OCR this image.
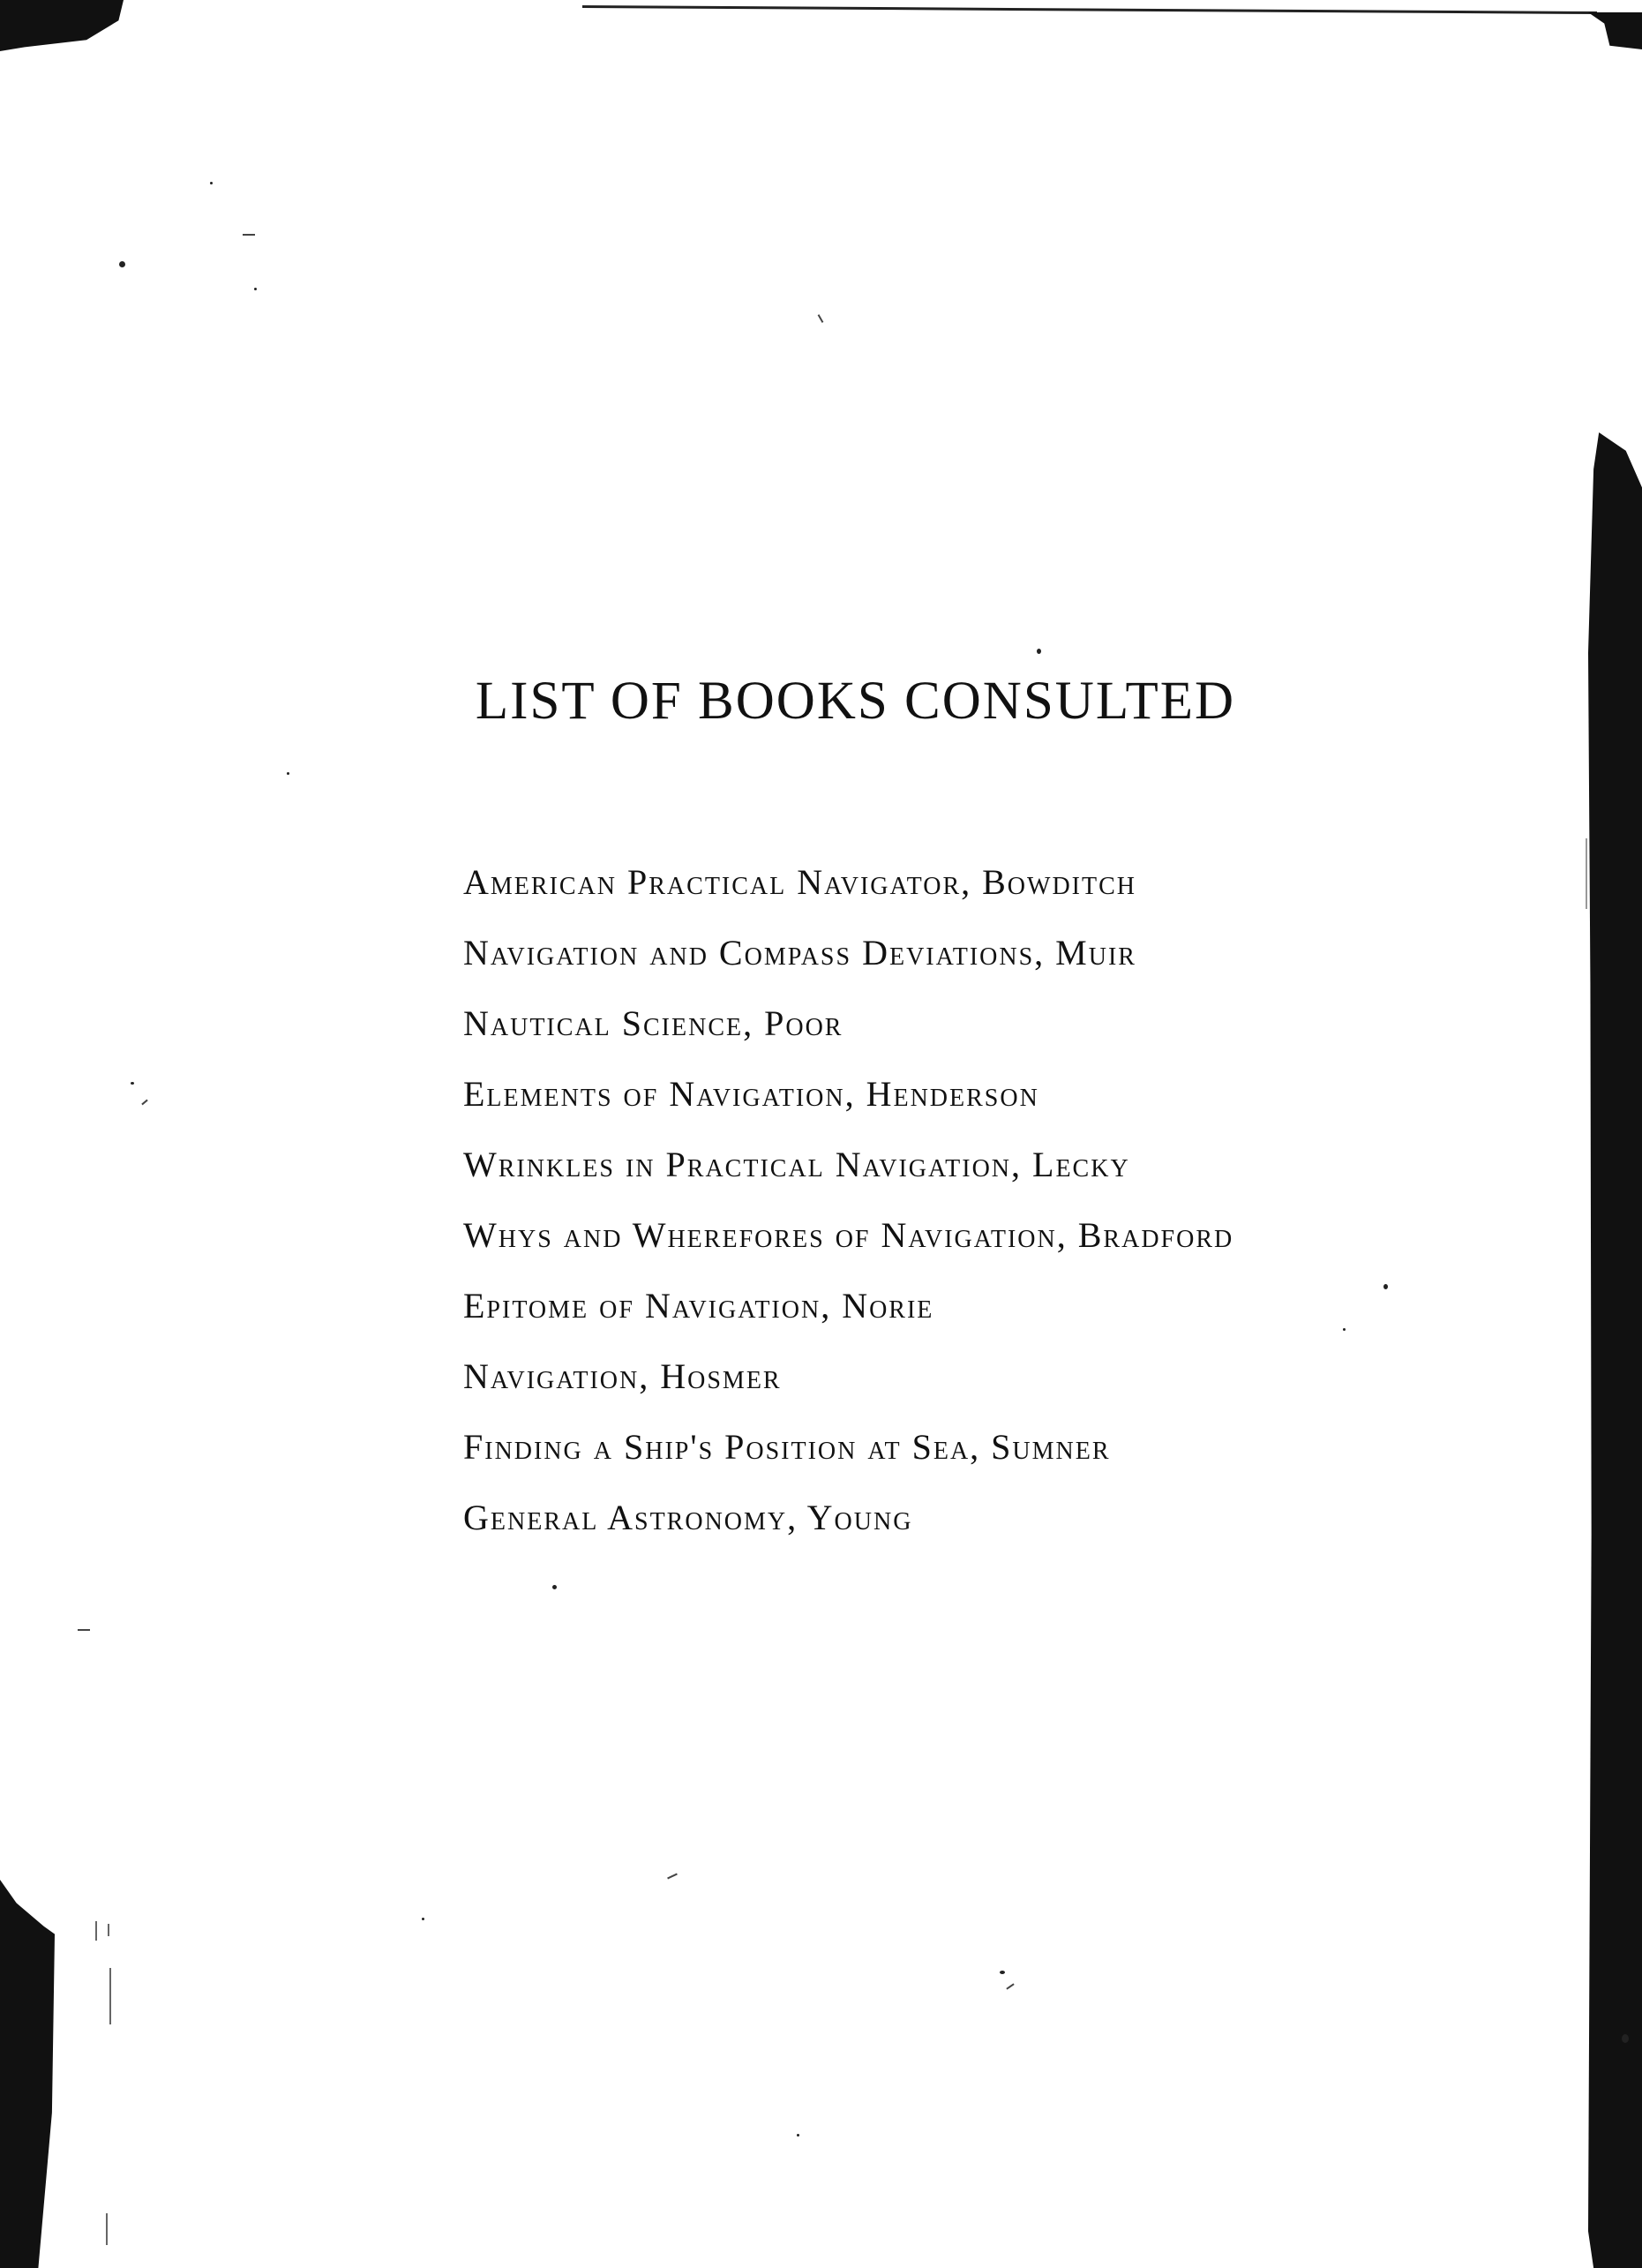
LIST OF BOOKS CONSULTED
American Practical Navigator, Bowditch
Navigation and Compass Deviations, Muir
Nautical Science, Poor
Elements of Navigation, Henderson
Wrinkles in Practical Navigation, Lecky
Whys and Wherefores of Navigation, Bradford
Epitome of Navigation, Norie
Navigation, Hosmer
Finding a Ship's Position at Sea, Sumner
General Astronomy, Young
